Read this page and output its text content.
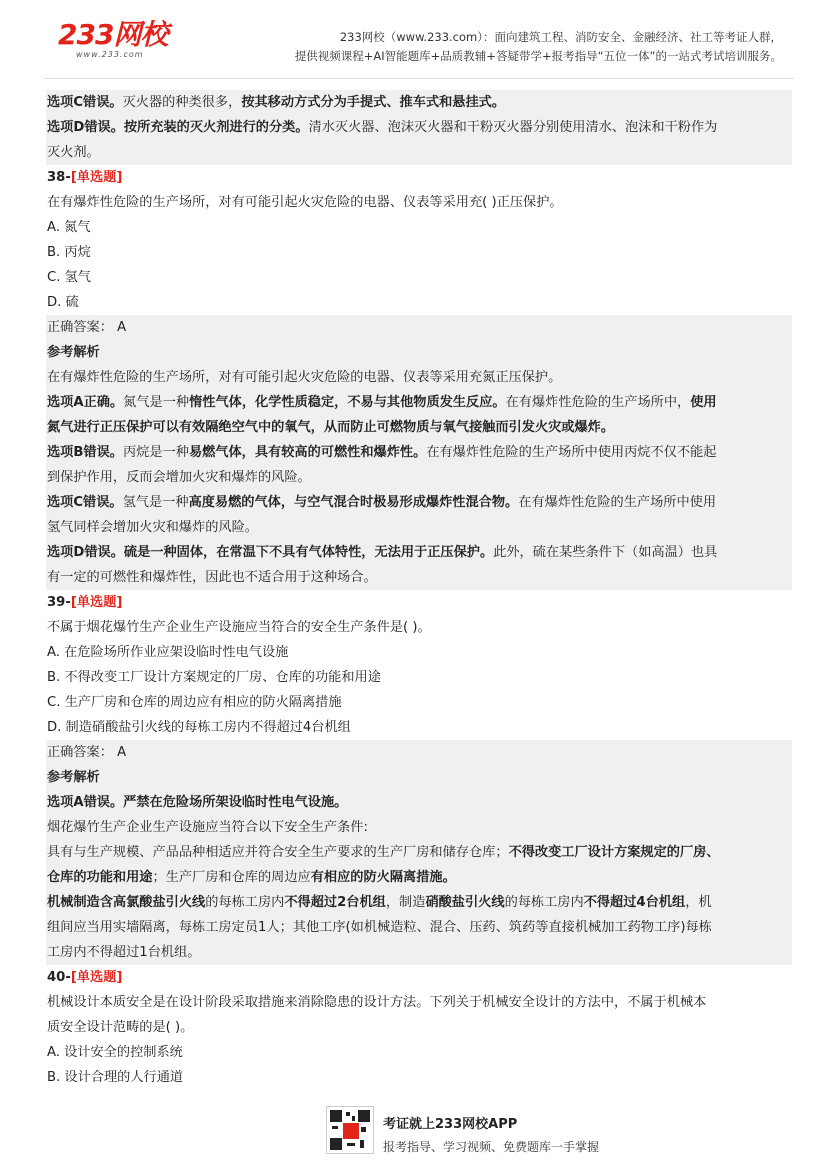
233网校
www.233.com
233网校（www.233.com）：面向建筑工程、消防安全、金融经济、社工等考证人群，
提供视频课程+AI智能题库+品质教辅+答疑带学+报考指导“五位一体”的一站式考试培训服务。
选项C错误。灭火器的种类很多，按其移动方式分为手提式、推车式和悬挂式。
选项D错误。按所充装的灭火剂进行的分类。清水灭火器、泡沫灭火器和干粉灭火器分别使用清水、泡沫和干粉作为
灭火剂。
38-[单选题]
在有爆炸性危险的生产场所，对有可能引起火灾危险的电器、仪表等采用充( )正压保护。
A. 氮气
B. 丙烷
C. 氢气
D. 硫
正确答案： A
参考解析
在有爆炸性危险的生产场所，对有可能引起火灾危险的电器、仪表等采用充氮正压保护。
选项A正确。氮气是一种惰性气体，化学性质稳定，不易与其他物质发生反应。在有爆炸性危险的生产场所中，使用
氮气进行正压保护可以有效隔绝空气中的氧气，从而防止可燃物质与氧气接触而引发火灾或爆炸。
选项B错误。丙烷是一种易燃气体，具有较高的可燃性和爆炸性。在有爆炸性危险的生产场所中使用丙烷不仅不能起
到保护作用，反而会增加火灾和爆炸的风险。
选项C错误。氢气是一种高度易燃的气体，与空气混合时极易形成爆炸性混合物。在有爆炸性危险的生产场所中使用
氢气同样会增加火灾和爆炸的风险。
选项D错误。硫是一种固体，在常温下不具有气体特性，无法用于正压保护。此外，硫在某些条件下（如高温）也具
有一定的可燃性和爆炸性，因此也不适合用于这种场合。
39-[单选题]
不属于烟花爆竹生产企业生产设施应当符合的安全生产条件是( )。
A. 在危险场所作业应架设临时性电气设施
B. 不得改变工厂设计方案规定的厂房、仓库的功能和用途
C. 生产厂房和仓库的周边应有相应的防火隔离措施
D. 制造硝酸盐引火线的每栋工房内不得超过4台机组
正确答案： A
参考解析
选项A错误。严禁在危险场所架设临时性电气设施。
烟花爆竹生产企业生产设施应当符合以下安全生产条件:
具有与生产规模、产品品种相适应并符合安全生产要求的生产厂房和储存仓库；不得改变工厂设计方案规定的厂房、
仓库的功能和用途；生产厂房和仓库的周边应有相应的防火隔离措施。
机械制造含高氯酸盐引火线的每栋工房内不得超过2台机组，制造硝酸盐引火线的每栋工房内不得超过4台机组，机
组间应当用实墙隔离，每栋工房定员1人；其他工序(如机械造粒、混合、压药、筑药等直接机械加工药物工序)每栋
工房内不得超过1台机组。
40-[单选题]
机械设计本质安全是在设计阶段采取措施来消除隐患的设计方法。下列关于机械安全设计的方法中，不属于机械本
质安全设计范畴的是( )。
A. 设计安全的控制系统
B. 设计合理的人行通道
考证就上233网校APP
报考指导、学习视频、免费题库一手掌握
